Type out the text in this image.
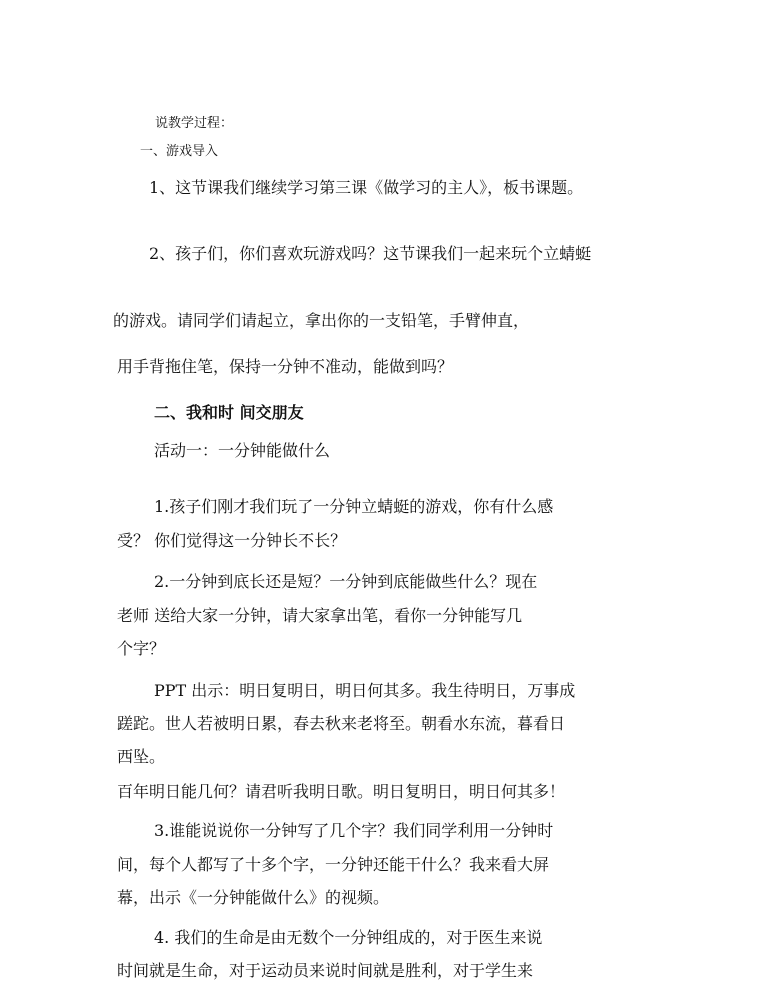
说教学过程：

一、游戏导入

1、这节课我们继续学习第三课《做学习的主人》，板书课题。

2、孩子们，你们喜欢玩游戏吗？这节课我们一起来玩个立蜻蜓

的游戏。请同学们请起立，拿出你的一支铅笔，手臂伸直，

用手背拖住笔，保持一分钟不准动，能做到吗？

二、我和时 间交朋友

活动一：一分钟能做什么

1.孩子们刚才我们玩了一分钟立蜻蜓的游戏，你有什么感

受？ 你们觉得这一分钟长不长？

2.一分钟到底长还是短？一分钟到底能做些什么？现在

老师 送给大家一分钟，请大家拿出笔，看你一分钟能写几

个字？

PPT 出示：明日复明日，明日何其多。我生待明日，万事成

蹉跎。世人若被明日累，春去秋来老将至。朝看水东流，暮看日

西坠。

百年明日能几何？请君听我明日歌。明日复明日，明日何其多！

3.谁能说说你一分钟写了几个字？我们同学利用一分钟时

间，每个人都写了十多个字，一分钟还能干什么？我来看大屏

幕，出示《一分钟能做什么》的视频。

4. 我们的生命是由无数个一分钟组成的，对于医生来说

时间就是生命，对于运动员来说时间就是胜利，对于学生来
